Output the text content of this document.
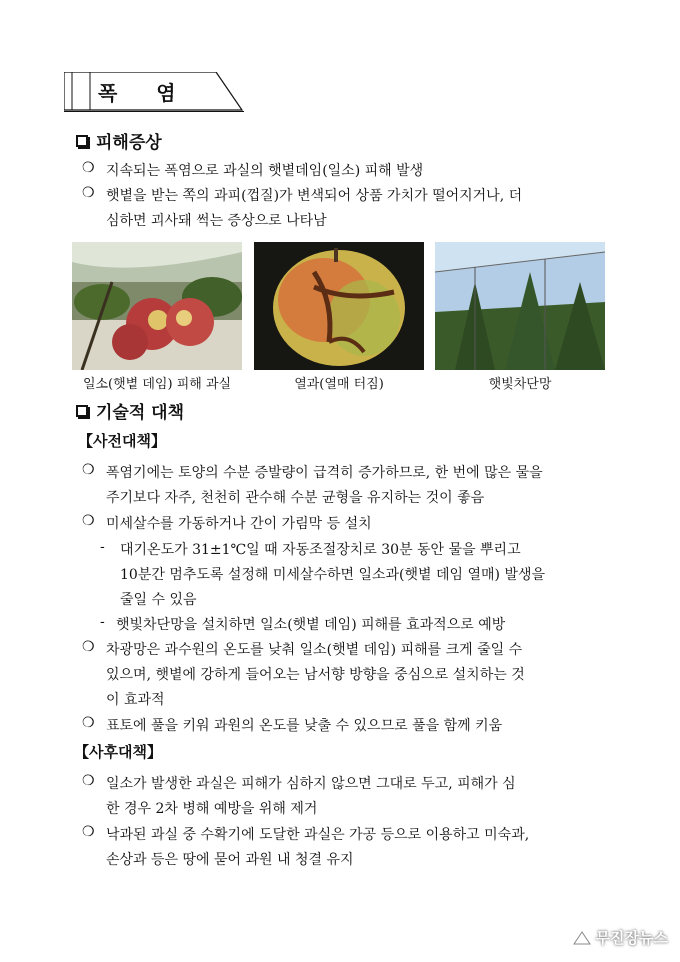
폭 염
피해증상
❍ 지속되는 폭염으로 과실의 햇볕데임(일소) 피해 발생
❍ 햇볕을 받는 쪽의 과피(껍질)가 변색되어 상품 가치가 떨어지거나, 더
심하면 괴사돼 썩는 증상으로 나타남
일소(햇볕 데임) 피해 과실	열과(열매 터짐)	햇빛차단망
기술적 대책
【사전대책】
❍ 폭염기에는 토양의 수분 증발량이 급격히 증가하므로, 한 번에 많은 물을
주기보다 자주, 천천히 관수해 수분 균형을 유지하는 것이 좋음
❍ 미세살수를 가동하거나 간이 가림막 등 설치
- 대기온도가 31±1℃일 때 자동조절장치로 30분 동안 물을 뿌리고
10분간 멈추도록 설정해 미세살수하면 일소과(햇볕 데임 열매) 발생을
줄일 수 있음
- 햇빛차단망을 설치하면 일소(햇볕 데임) 피해를 효과적으로 예방
❍ 차광망은 과수원의 온도를 낮춰 일소(햇볕 데임) 피해를 크게 줄일 수
있으며, 햇볕에 강하게 들어오는 남서향 방향을 중심으로 설치하는 것
이 효과적
❍ 표토에 풀을 키워 과원의 온도를 낮출 수 있으므로 풀을 함께 키움
【사후대책】
❍ 일소가 발생한 과실은 피해가 심하지 않으면 그대로 두고, 피해가 심
한 경우 2차 병해 예방을 위해 제거
❍ 낙과된 과실 중 수확기에 도달한 과실은 가공 등으로 이용하고 미숙과,
손상과 등은 땅에 묻어 과원 내 청결 유지
무진장뉴스
